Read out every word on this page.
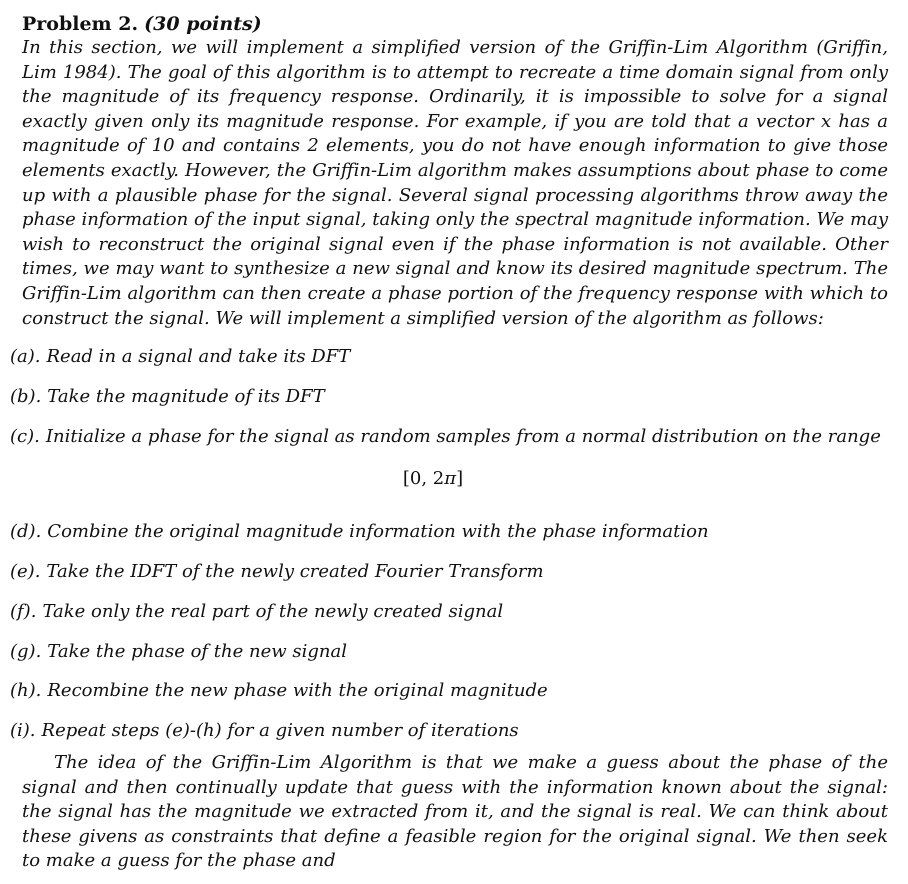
Problem 2. (30 points)

In this section, we will implement a simplified version of the Griffin-Lim Algorithm (Griffin, Lim 1984). The goal of this algorithm is to attempt to recreate a time domain signal from only the magnitude of its frequency response. Ordinarily, it is impossible to solve for a signal exactly given only its magnitude response. For example, if you are told that a vector x has a magnitude of 10 and contains 2 elements, you do not have enough information to give those elements exactly. However, the Griffin-Lim algorithm makes assumptions about phase to come up with a plausible phase for the signal. Several signal processing algorithms throw away the phase information of the input signal, taking only the spectral magnitude information. We may wish to reconstruct the original signal even if the phase information is not available. Other times, we may want to synthesize a new signal and know its desired magnitude spectrum. The Griffin-Lim algorithm can then create a phase portion of the frequency response with which to construct the signal. We will implement a simplified version of the algorithm as follows:

(a). Read in a signal and take its DFT
(b). Take the magnitude of its DFT
(c). Initialize a phase for the signal as random samples from a normal distribution on the range
[0, 2π]
(d). Combine the original magnitude information with the phase information
(e). Take the IDFT of the newly created Fourier Transform
(f). Take only the real part of the newly created signal
(g). Take the phase of the new signal
(h). Recombine the new phase with the original magnitude
(i). Repeat steps (e)-(h) for a given number of iterations

The idea of the Griffin-Lim Algorithm is that we make a guess about the phase of the signal and then continually update that guess with the information known about the signal: the signal has the magnitude we extracted from it, and the signal is real. We can think about these givens as constraints that define a feasible region for the original signal. We then seek to make a guess for the phase and
